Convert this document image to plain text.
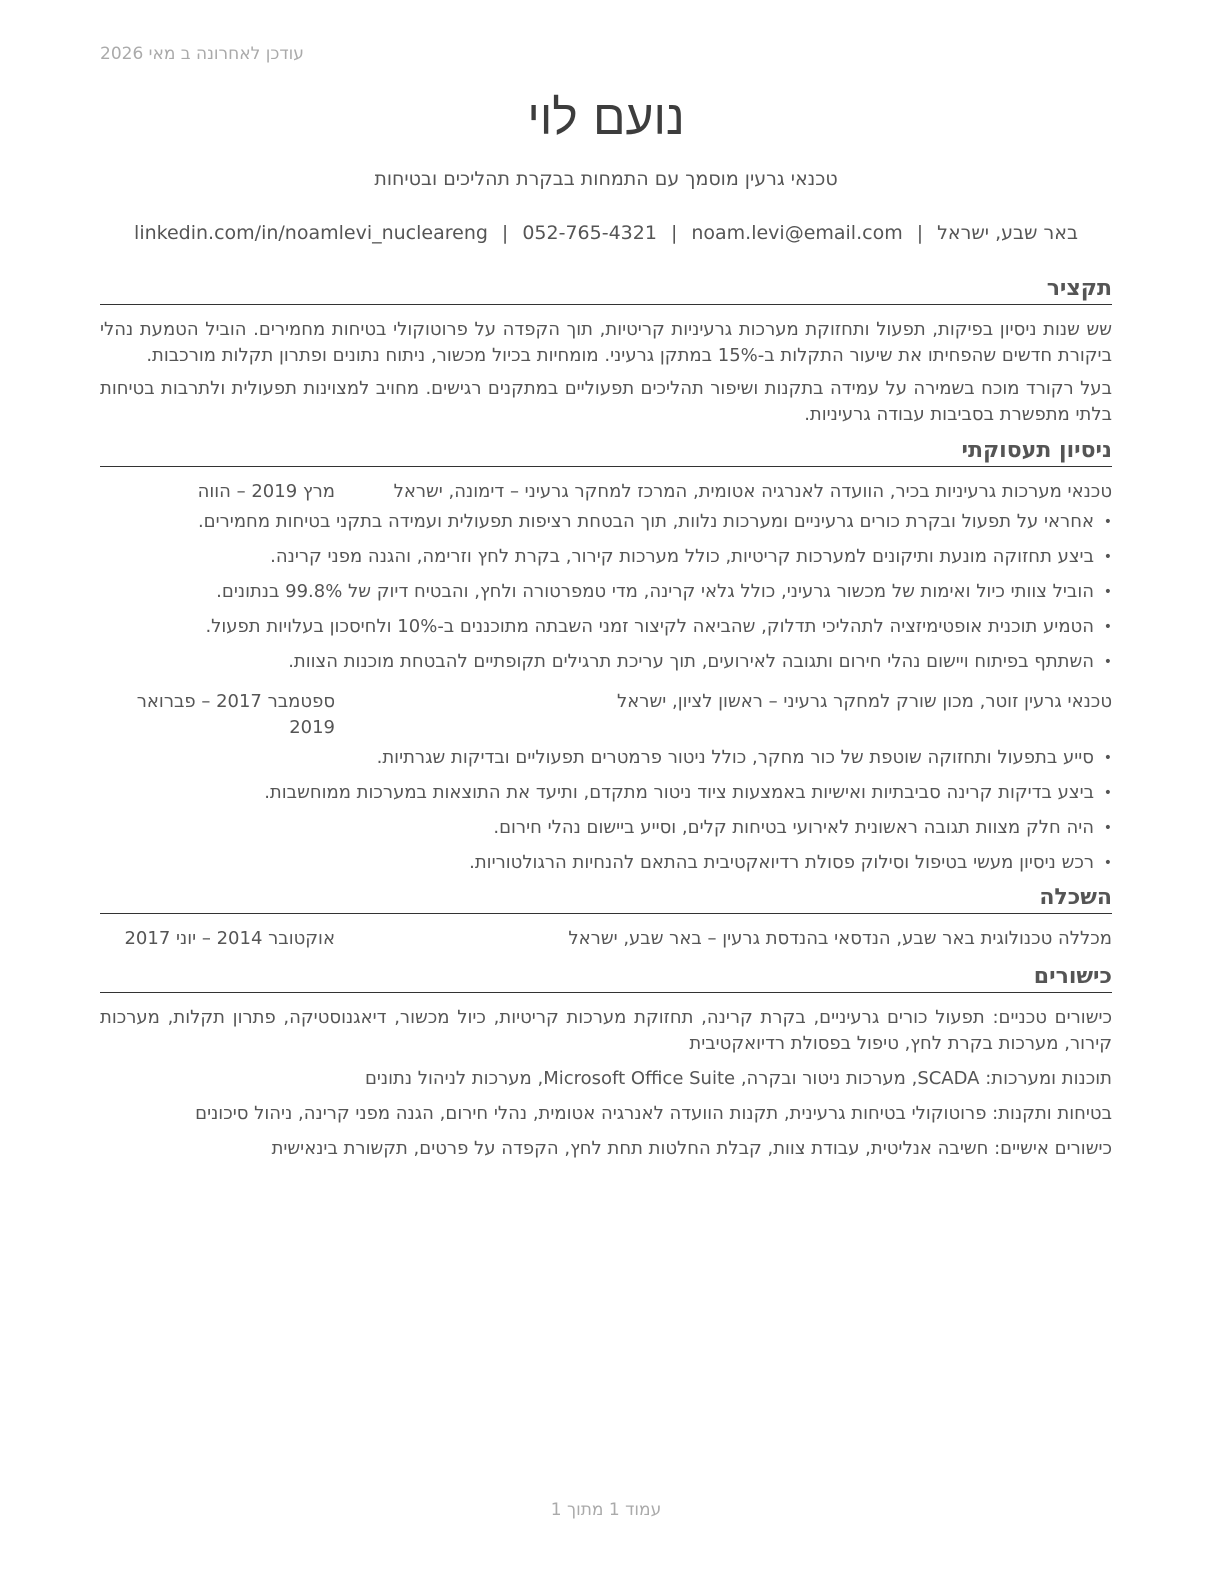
עודכן לאחרונה ב מאי 2026
נועם לוי
טכנאי גרעין מוסמך עם התמחות בבקרת תהליכים ובטיחות
באר שבע, ישראל|noam.levi@email.com|052-765-4321|linkedin.com/in/noamlevi_nucleareng
תקציר

שש שנות ניסיון בפיקות, תפעול ותחזוקת מערכות גרעיניות קריטיות, תוך הקפדה על פרוטוקולי בטיחות מחמירים. הוביל הטמעת נהלי ביקורת חדשים שהפחיתו את שיעור התקלות ב-15% במתקן גרעיני. מומחיות בכיול מכשור, ניתוח נתונים ופתרון תקלות מורכבות.

בעל רקורד מוכח בשמירה על עמידה בתקנות ושיפור תהליכים תפעוליים במתקנים רגישים. מחויב למצוינות תפעולית ולתרבות בטיחות בלתי מתפשרת בסביבות עבודה גרעיניות.

ניסיון תעסוקתי
טכנאי מערכות גרעיניות בכיר, הוועדה לאנרגיה אטומית, המרכז למחקר גרעיני – דימונה, ישראל
מרץ 2019 – הווה
• אחראי על תפעול ובקרת כורים גרעיניים ומערכות נלוות, תוך הבטחת רציפות תפעולית ועמידה בתקני בטיחות מחמירים.
• ביצע תחזוקה מונעת ותיקונים למערכות קריטיות, כולל מערכות קירור, בקרת לחץ וזרימה, והגנה מפני קרינה.
• הוביל צוותי כיול ואימות של מכשור גרעיני, כולל גלאי קרינה, מדי טמפרטורה ולחץ, והבטיח דיוק של 99.8% בנתונים.
• הטמיע תוכנית אופטימיזציה לתהליכי תדלוק, שהביאה לקיצור זמני השבתה מתוכננים ב-10% ולחיסכון בעלויות תפעול.
• השתתף בפיתוח ויישום נהלי חירום ותגובה לאירועים, תוך עריכת תרגילים תקופתיים להבטחת מוכנות הצוות.
טכנאי גרעין זוטר, מכון שורק למחקר גרעיני – ראשון לציון, ישראל
ספטמבר 2017 – פברואר 2019
• סייע בתפעול ותחזוקה שוטפת של כור מחקר, כולל ניטור פרמטרים תפעוליים ובדיקות שגרתיות.
• ביצע בדיקות קרינה סביבתיות ואישיות באמצעות ציוד ניטור מתקדם, ותיעד את התוצאות במערכות ממוחשבות.
• היה חלק מצוות תגובה ראשונית לאירועי בטיחות קלים, וסייע ביישום נהלי חירום.
• רכש ניסיון מעשי בטיפול וסילוק פסולת רדיואקטיבית בהתאם להנחיות הרגולטוריות.
השכלה
מכללה טכנולוגית באר שבע, הנדסאי בהנדסת גרעין – באר שבע, ישראל
אוקטובר 2014 – יוני 2017
כישורים

כישורים טכניים: תפעול כורים גרעיניים, בקרת קרינה, תחזוקת מערכות קריטיות, כיול מכשור, דיאגנוסטיקה, פתרון תקלות, מערכות קירור, מערכות בקרת לחץ, טיפול בפסולת רדיואקטיבית

תוכנות ומערכות: SCADA, מערכות ניטור ובקרה, Microsoft Office Suite, מערכות לניהול נתונים

בטיחות ותקנות: פרוטוקולי בטיחות גרעינית, תקנות הוועדה לאנרגיה אטומית, נהלי חירום, הגנה מפני קרינה, ניהול סיכונים

כישורים אישיים: חשיבה אנליטית, עבודת צוות, קבלת החלטות תחת לחץ, הקפדה על פרטים, תקשורת בינאישית

עמוד 1 מתוך 1
